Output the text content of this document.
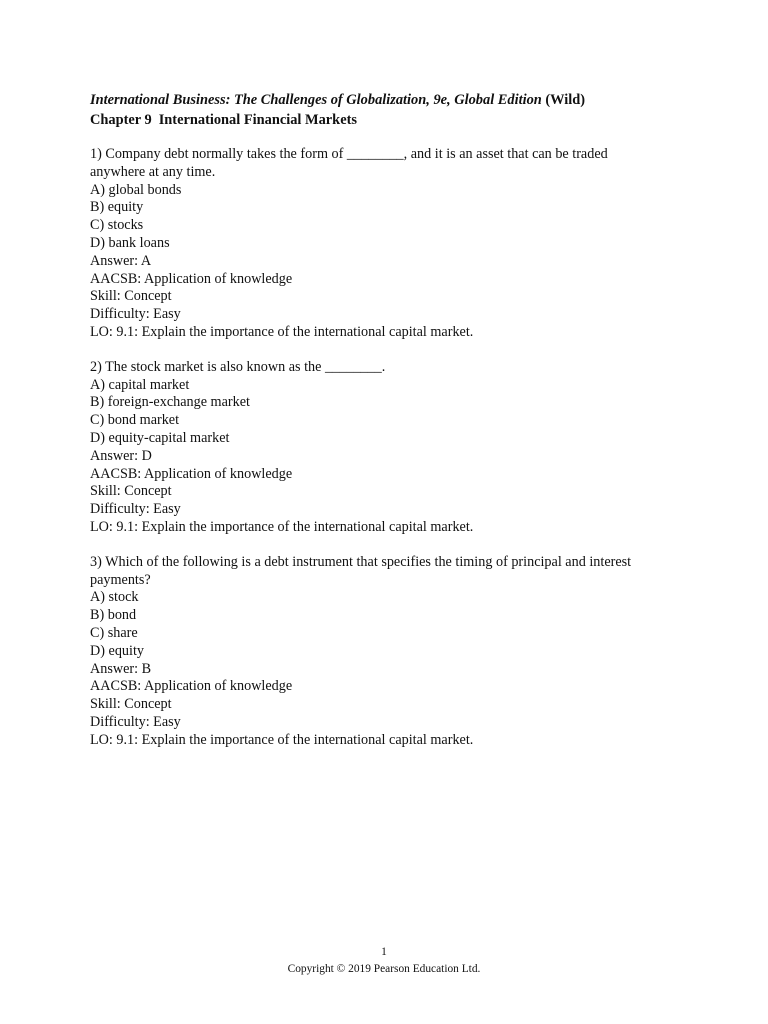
International Business: The Challenges of Globalization, 9e, Global Edition (Wild)

Chapter 9 International Financial Markets

1) Company debt normally takes the form of ________, and it is an asset that can be traded

anywhere at any time.

A) global bonds

B) equity

C) stocks

D) bank loans

Answer: A

AACSB: Application of knowledge

Skill: Concept

Difficulty: Easy

LO: 9.1: Explain the importance of the international capital market.

2) The stock market is also known as the ________.

A) capital market

B) foreign-exchange market

C) bond market

D) equity-capital market

Answer: D

AACSB: Application of knowledge

Skill: Concept

Difficulty: Easy

LO: 9.1: Explain the importance of the international capital market.

3) Which of the following is a debt instrument that specifies the timing of principal and interest

payments?

A) stock

B) bond

C) share

D) equity

Answer: B

AACSB: Application of knowledge

Skill: Concept

Difficulty: Easy

LO: 9.1: Explain the importance of the international capital market.

1
Copyright © 2019 Pearson Education Ltd.
